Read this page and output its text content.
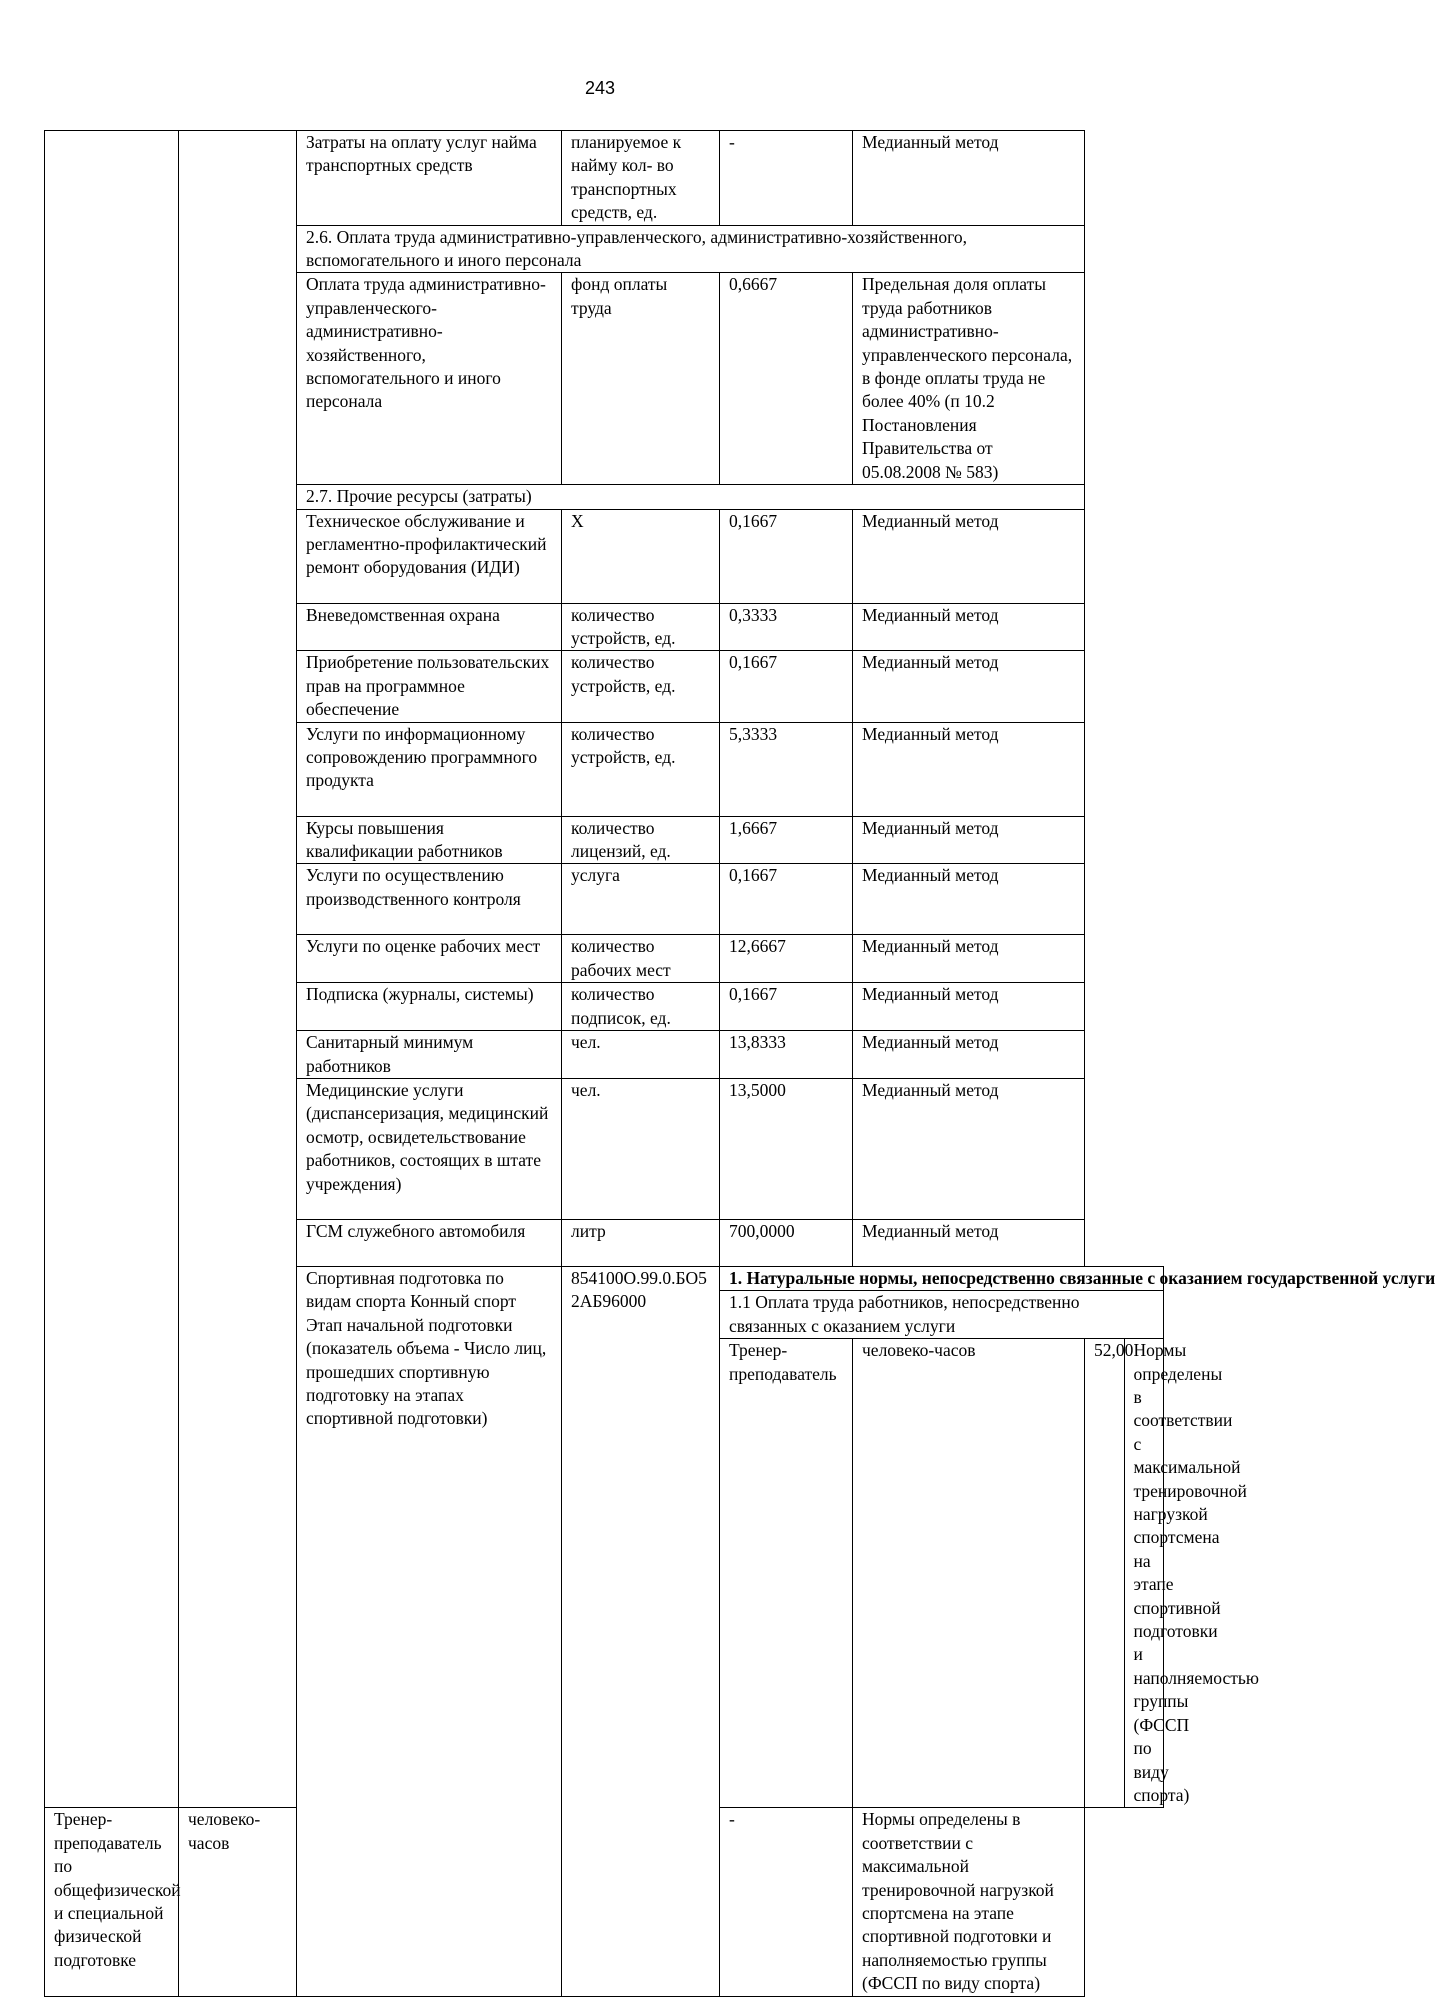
243
		Затраты на оплату услуг найма транспортных средств	планируемое к найму кол- во транспортных средств, ед.	-	Медианный метод		
		2.6. Оплата труда административно-управленческого, административно-хозяйственного, вспомогательного и иного персонала					
		Оплата труда административно-управленческого-административно-хозяйственного, вспомогательного и иного персонала	фонд оплаты труда	0,6667	Предельная доля оплаты труда работников административно-управленческого персонала, в фонде оплаты труда не более 40% (п 10.2 Постановления Правительства от 05.08.2008 № 583)		
		2.7. Прочие ресурсы (затраты)					
		Техническое обслуживание и регламентно-профилактический ремонт оборудования (ИДИ)	X	0,1667	Медианный метод		
		Вневедомственная охрана	количество устройств, ед.	0,3333	Медианный метод		
		Приобретение пользовательских прав на программное обеспечение	количество устройств, ед.	0,1667	Медианный метод		
		Услуги по информационному сопровождению программного продукта	количество устройств, ед.	5,3333	Медианный метод		
		Курсы повышения квалификации работников	количество лицензий, ед.	1,6667	Медианный метод		
		Услуги по осуществлению производственного контроля	услуга	0,1667	Медианный метод		
		Услуги по оценке рабочих мест	количество рабочих мест	12,6667	Медианный метод		
		Подписка (журналы, системы)	количество подписок, ед.	0,1667	Медианный метод		
		Санитарный минимум работников	чел.	13,8333	Медианный метод		
		Медицинские услуги (диспансеризация, медицинский осмотр, освидетельствование работников, состоящих в штате учреждения)	чел.	13,5000	Медианный метод		
		ГСМ служебного автомобиля	литр	700,0000	Медианный метод		
		Спортивная подготовка по видам спорта Конный спорт Этап начальной подготовки (показатель объема - Число лиц, прошедших спортивную подготовку на этапах спортивной подготовки)	854100О.99.0.БО52АБ96000	1. Натуральные нормы, непосредственно связанные с оказанием государственной услуги			
				1.1 Оплата труда работников, непосредственно связанных с оказанием услуги			
				Тренер-преподаватель	человеко-часов	52,00	Нормы определены в соответствии с максимальной тренировочной нагрузкой спортсмена на этапе спортивной подготовки и наполняемостью группы (ФССП по виду спорта)
Тренер-преподаватель по общефизической и специальной физической подготовке	человеко-часов			-	Нормы определены в соответствии с максимальной тренировочной нагрузкой спортсмена на этапе спортивной подготовки и наполняемостью группы (ФССП по виду спорта)		
